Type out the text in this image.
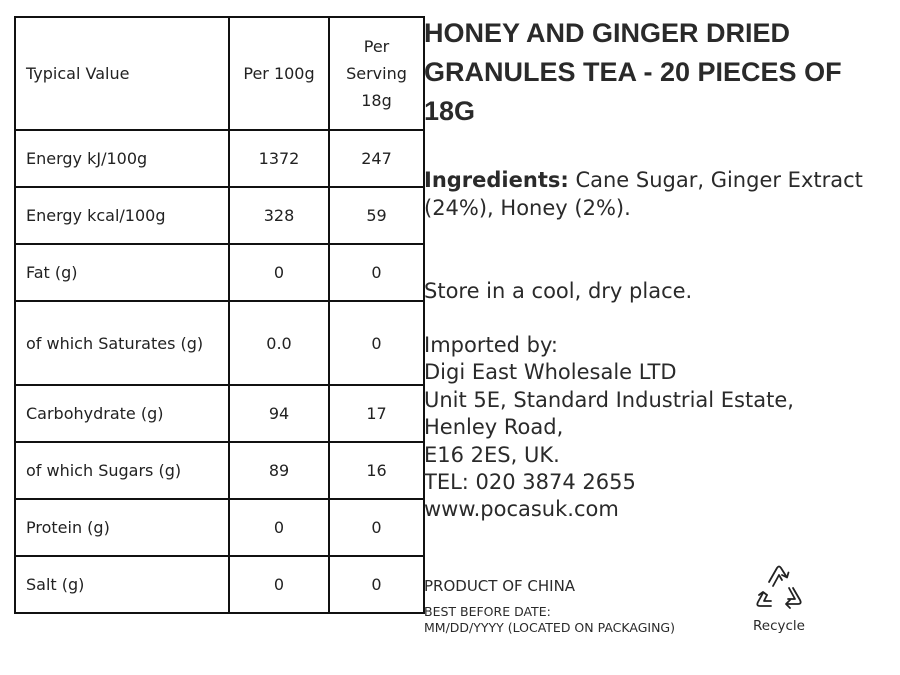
Typical Value	Per 100g	Per
Serving
18g
Energy kJ/100g	1372	247
Energy kcal/100g	328	59
Fat (g)	0	0
of which Saturates (g)	0.0	0
Carbohydrate (g)	94	17
of which Sugars (g)	89	16
Protein (g)	0	0
Salt (g)	0	0
HONEY AND GINGER DRIED GRANULES TEA - 20 PIECES OF 18G

Ingredients: Cane Sugar, Ginger Extract (24%), Honey (2%).

Store in a cool, dry place.

Imported by:
Digi East Wholesale LTD
Unit 5E, Standard Industrial Estate,
Henley Road,
E16 2ES, UK.
TEL: 020 3874 2655
www.pocasuk.com
PRODUCT OF CHINA
BEST BEFORE DATE:
MM/DD/YYYY (LOCATED ON PACKAGING)	Recycle
